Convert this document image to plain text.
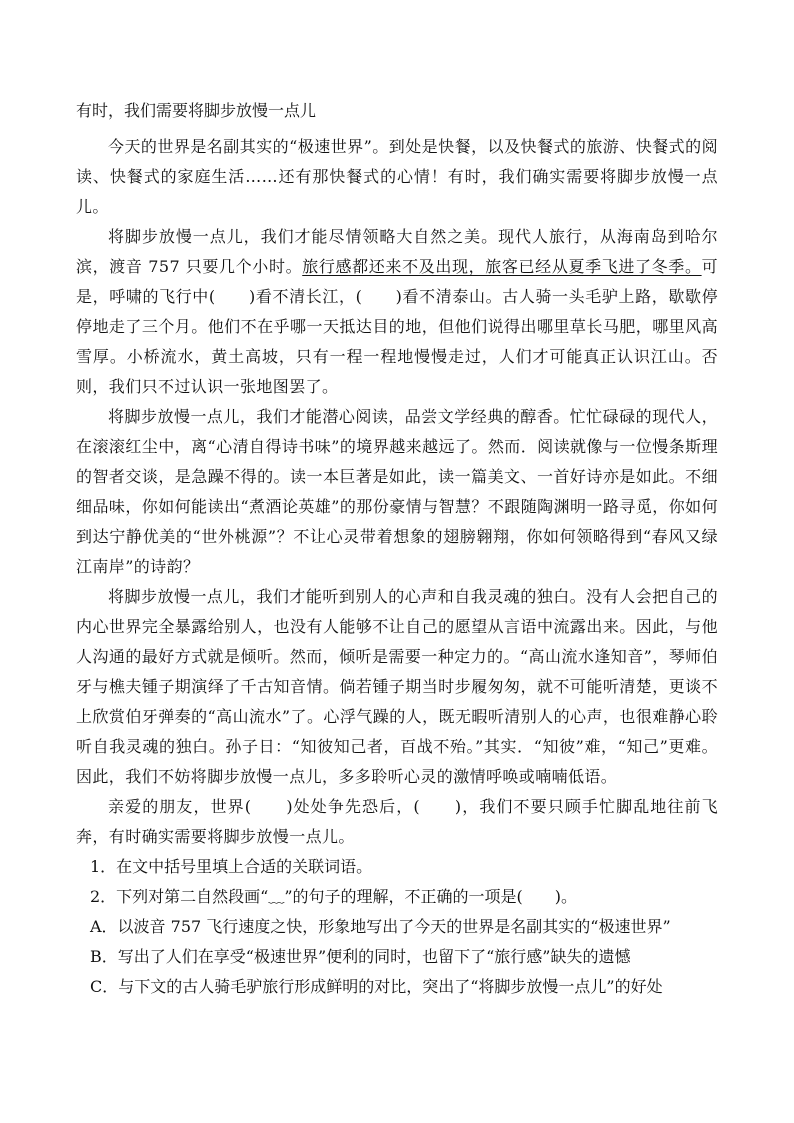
有时，我们需要将脚步放慢一点儿

今天的世界是名副其实的“极速世界”。到处是快餐，以及快餐式的旅游、快餐式的阅读、快餐式的家庭生活……还有那快餐式的心情！有时，我们确实需要将脚步放慢一点儿。

将脚步放慢一点儿，我们才能尽情领略大自然之美。现代人旅行，从海南岛到哈尔滨，渡音 757 只要几个小时。旅行感都还来不及出现，旅客已经从夏季飞进了冬季。可是，呼啸的飞行中(　　)看不清长江，(　　)看不清泰山。古人骑一头毛驴上路，歇歇停停地走了三个月。他们不在乎哪一天抵达目的地，但他们说得出哪里草长马肥，哪里风高雪厚。小桥流水，黄土高坡，只有一程一程地慢慢走过，人们才可能真正认识江山。否则，我们只不过认识一张地图罢了。

将脚步放慢一点儿，我们才能潜心阅读，品尝文学经典的醇香。忙忙碌碌的现代人，在滚滚红尘中，离“心清自得诗书味”的境界越来越远了。然而．阅读就像与一位慢条斯理的智者交谈，是急躁不得的。读一本巨著是如此，读一篇美文、一首好诗亦是如此。不细细品味，你如何能读出“煮酒论英雄”的那份豪情与智慧？不跟随陶渊明一路寻觅，你如何到达宁静优美的“世外桃源”？不让心灵带着想象的翅膀翱翔，你如何领略得到“春风又绿江南岸”的诗韵？

将脚步放慢一点儿，我们才能听到别人的心声和自我灵魂的独白。没有人会把自己的内心世界完全暴露给别人，也没有人能够不让自己的愿望从言语中流露出来。因此，与他人沟通的最好方式就是倾听。然而，倾听是需要一种定力的。“高山流水逢知音”，琴师伯牙与樵夫锺子期演绎了千古知音情。倘若锺子期当时步履匆匆，就不可能听清楚，更谈不上欣赏伯牙弹奏的“高山流水”了。心浮气躁的人，既无暇听清别人的心声，也很难静心聆听自我灵魂的独白。孙子日：“知彼知己者，百战不殆。”其实．“知彼”难，“知己”更难。因此，我们不妨将脚步放慢一点儿，多多聆听心灵的激情呼唤或喃喃低语。

亲爱的朋友，世界(　　)处处争先恐后，(　　)，我们不要只顾手忙脚乱地往前飞奔，有时确实需要将脚步放慢一点儿。

1．在文中括号里填上合适的关联词语。
2．下列对第二自然段画“﹏”的句子的理解，不正确的一项是(　　)。
A．以波音 757 飞行速度之快，形象地写出了今天的世界是名副其实的“极速世界”
B．写出了人们在享受“极速世界”便利的同时，也留下了“旅行感”缺失的遗憾
C．与下文的古人骑毛驴旅行形成鲜明的对比，突出了“将脚步放慢一点儿”的好处
